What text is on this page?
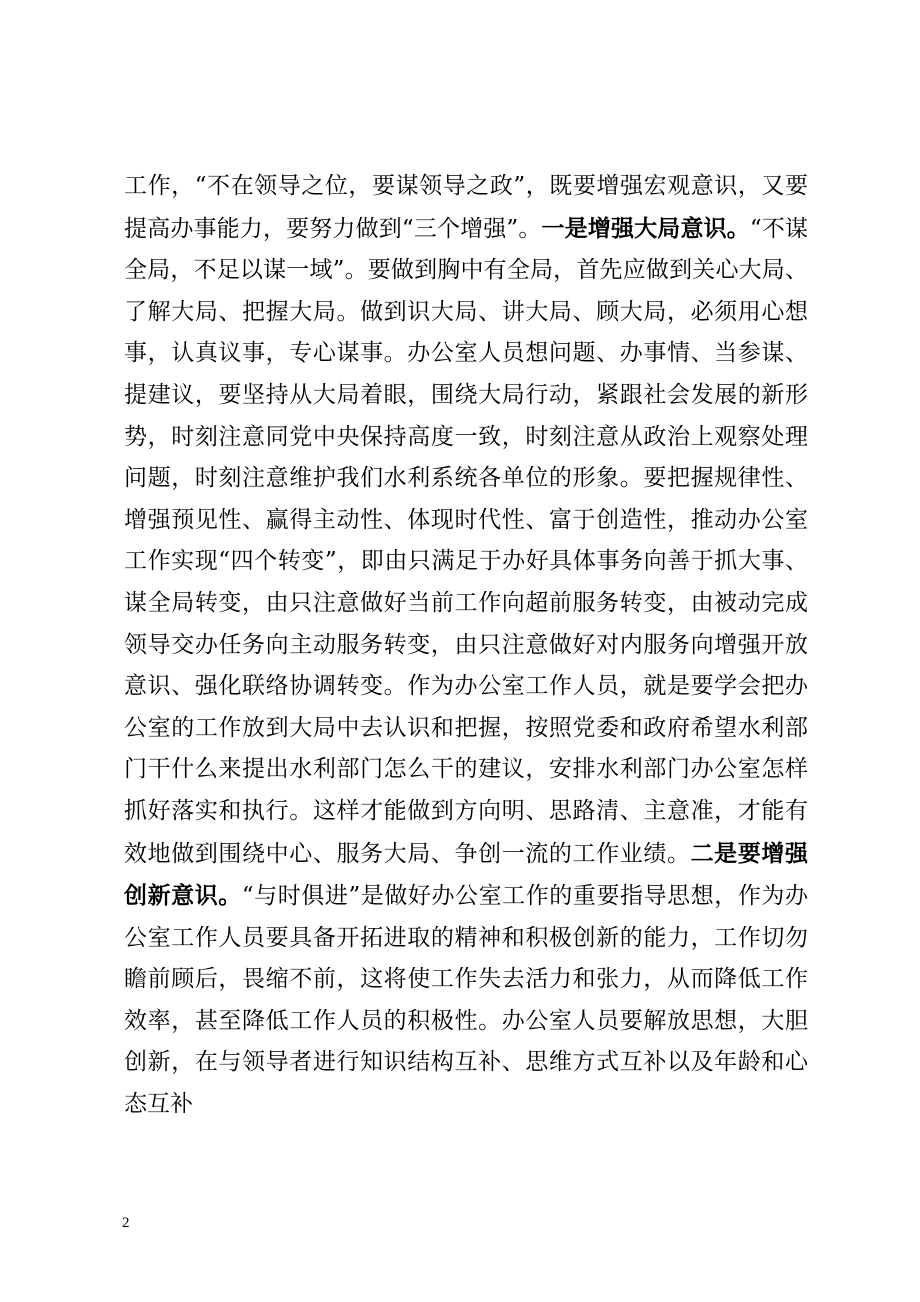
工作，“不在领导之位，要谋领导之政”，既要增强宏观意识，又要提高办事能力，要努力做到“三个增强”。一是增强大局意识。“不谋全局，不足以谋一域”。要做到胸中有全局，首先应做到关心大局、了解大局、把握大局。做到识大局、讲大局、顾大局，必须用心想事，认真议事，专心谋事。办公室人员想问题、办事情、当参谋、提建议，要坚持从大局着眼，围绕大局行动，紧跟社会发展的新形势，时刻注意同党中央保持高度一致，时刻注意从政治上观察处理问题，时刻注意维护我们水利系统各单位的形象。要把握规律性、增强预见性、赢得主动性、体现时代性、富于创造性，推动办公室工作实现“四个转变”，即由只满足于办好具体事务向善于抓大事、谋全局转变，由只注意做好当前工作向超前服务转变，由被动完成领导交办任务向主动服务转变，由只注意做好对内服务向增强开放意识、强化联络协调转变。作为办公室工作人员，就是要学会把办公室的工作放到大局中去认识和把握，按照党委和政府希望水利部门干什么来提出水利部门怎么干的建议，安排水利部门办公室怎样抓好落实和执行。这样才能做到方向明、思路清、主意准，才能有效地做到围绕中心、服务大局、争创一流的工作业绩。二是要增强创新意识。“与时俱进”是做好办公室工作的重要指导思想，作为办公室工作人员要具备开拓进取的精神和积极创新的能力，工作切勿瞻前顾后，畏缩不前，这将使工作失去活力和张力，从而降低工作效率，甚至降低工作人员的积极性。办公室人员要解放思想，大胆创新，在与领导者进行知识结构互补、思维方式互补以及年龄和心态互补

2
